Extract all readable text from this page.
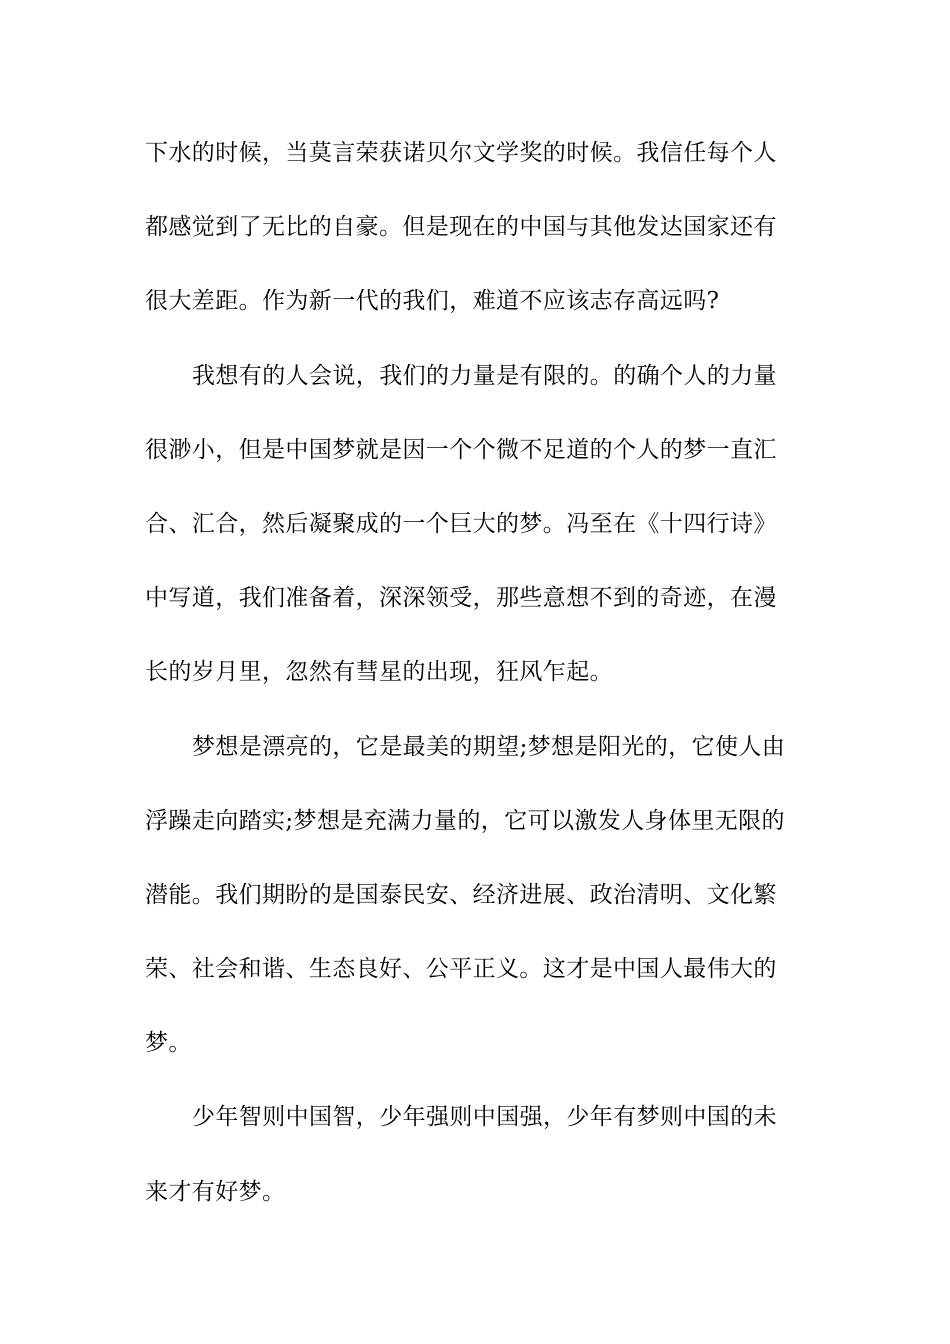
下水的时候，当莫言荣获诺贝尔文学奖的时候。我信任每个人
都感觉到了无比的自豪。但是现在的中国与其他发达国家还有
很大差距。作为新一代的我们，难道不应该志存高远吗?
我想有的人会说，我们的力量是有限的。的确个人的力量
很渺小，但是中国梦就是因一个个微不足道的个人的梦一直汇
合、汇合，然后凝聚成的一个巨大的梦。冯至在《十四行诗》
中写道，我们准备着，深深领受，那些意想不到的奇迹，在漫
长的岁月里，忽然有彗星的出现，狂风乍起。
梦想是漂亮的，它是最美的期望;梦想是阳光的，它使人由
浮躁走向踏实;梦想是充满力量的，它可以激发人身体里无限的
潜能。我们期盼的是国泰民安、经济进展、政治清明、文化繁
荣、社会和谐、生态良好、公平正义。这才是中国人最伟大的
梦。
少年智则中国智，少年强则中国强，少年有梦则中国的未
来才有好梦。
